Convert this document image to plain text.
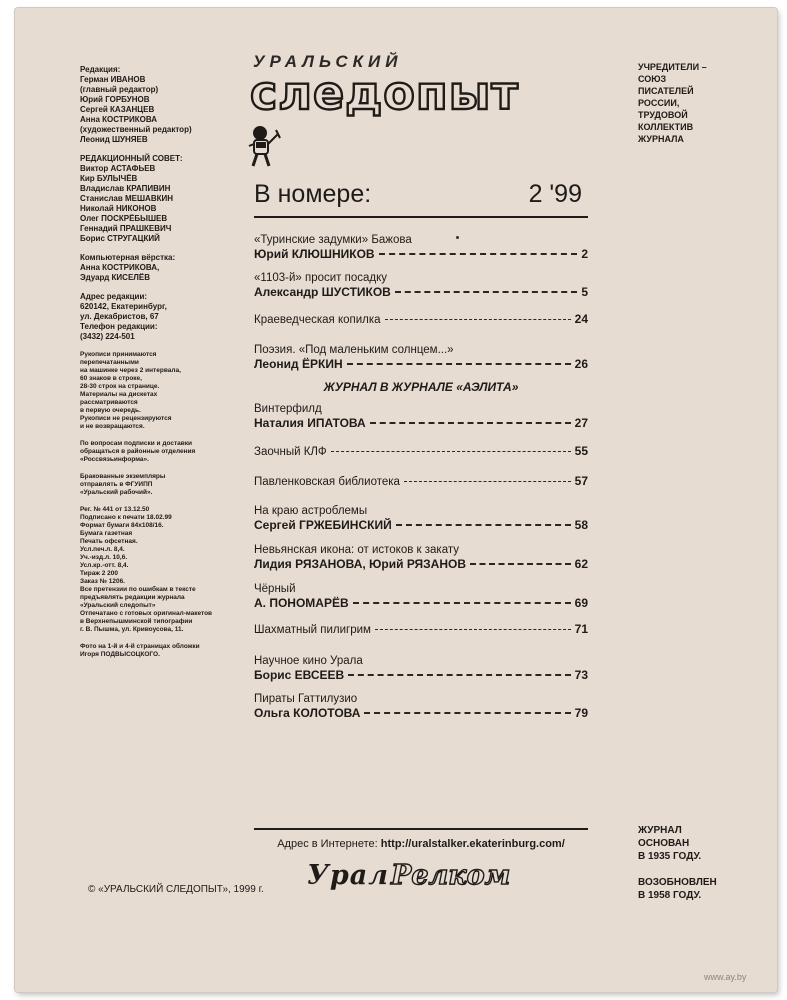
Редакция:
Герман ИВАНОВ
(главный редактор)
Юрий ГОРБУНОВ
Сергей КАЗАНЦЕВ
Анна КОСТРИКОВА
(художественный редактор)
Леонид ШУНЯЕВ
РЕДАКЦИОННЫЙ СОВЕТ:
Виктор АСТАФЬЕВ
Кир БУЛЫЧЁВ
Владислав КРАПИВИН
Станислав МЕШАВКИН
Николай НИКОНОВ
Олег ПОСКРЁБЫШЕВ
Геннадий ПРАШКЕВИЧ
Борис СТРУГАЦКИЙ
Компьютерная вёрстка:
Анна КОСТРИКОВА,
Эдуард КИСЕЛЁВ
Адрес редакции:
620142, Екатеринбург,
ул. Декабристов, 67
Телефон редакции:
(3432) 224-501
Рукописи принимаются
перепечатанными
на машинке через 2 интервала,
60 знаков в строке,
28-30 строк на странице.
Материалы на дискетах
рассматриваются
в первую очередь.
Рукописи не рецензируются
и не возвращаются.
По вопросам подписки и доставки
обращаться в районные отделения
«Россвязьинформа».
Бракованные экземпляры
отправлять в ФГУИПП
«Уральский рабочий».
Рег. № 441 от 13.12.50
Подписано к печати 18.02.99
Формат бумаги 84х108/16.
Бумага газетная
Печать офсетная.
Усл.печ.л. 8,4.
Уч.-изд.л. 10,6.
Усл.кр.-отт. 8,4.
Тираж 2 200
Заказ № 1206.
Все претензии по ошибкам в тексте
предъявлять редакции журнала
«Уральский следопыт»
Отпечатано с готовых оригинал-макетов
в Верхнепышминской типографии
г. В. Пышма, ул. Кривоусова, 11.
Фото на 1-й и 4-й страницах обложки
Игоря ПОДВЫСОЦКОГО.
УРАЛЬСКИЙ
следопыт	УЧРЕДИТЕЛИ –
СОЮЗ
ПИСАТЕЛЕЙ
РОССИИ,
ТРУДОВОЙ
КОЛЛЕКТИВ
ЖУРНАЛА
В номере:	2 '99
«Туринские задумки» Бажова
Юрий КЛЮШНИКОВ	2
«1103-й» просит посадку
Александр ШУСТИКОВ	5
Краеведческая копилка	24
Поэзия. «Под маленьким солнцем...»
Леонид ЁРКИН	26
ЖУРНАЛ В ЖУРНАЛЕ «АЭЛИТА»
Винтерфилд
Наталия ИПАТОВА	27
Заочный КЛФ	55
Павленковская библиотека	57
На краю астроблемы
Сергей ГРЖЕБИНСКИЙ	58
Невьянская икона: от истоков к закату
Лидия РЯЗАНОВА, Юрий РЯЗАНОВ	62
Чёрный
А. ПОНОМАРЁВ	69
Шахматный пилигрим	71
Научное кино Урала
Борис ЕВСЕЕВ	73
Пираты Гаттилузио
Ольга КОЛОТОВА	79
Адрес в Интернете: http://uralstalker.ekaterinburg.com/
УралРелком
© «УРАЛЬСКИЙ СЛЕДОПЫТ», 1999 г.
ЖУРНАЛ
ОСНОВАН
В 1935 ГОДУ.

ВОЗОБНОВЛЕН
В 1958 ГОДУ.
www.ay.by
